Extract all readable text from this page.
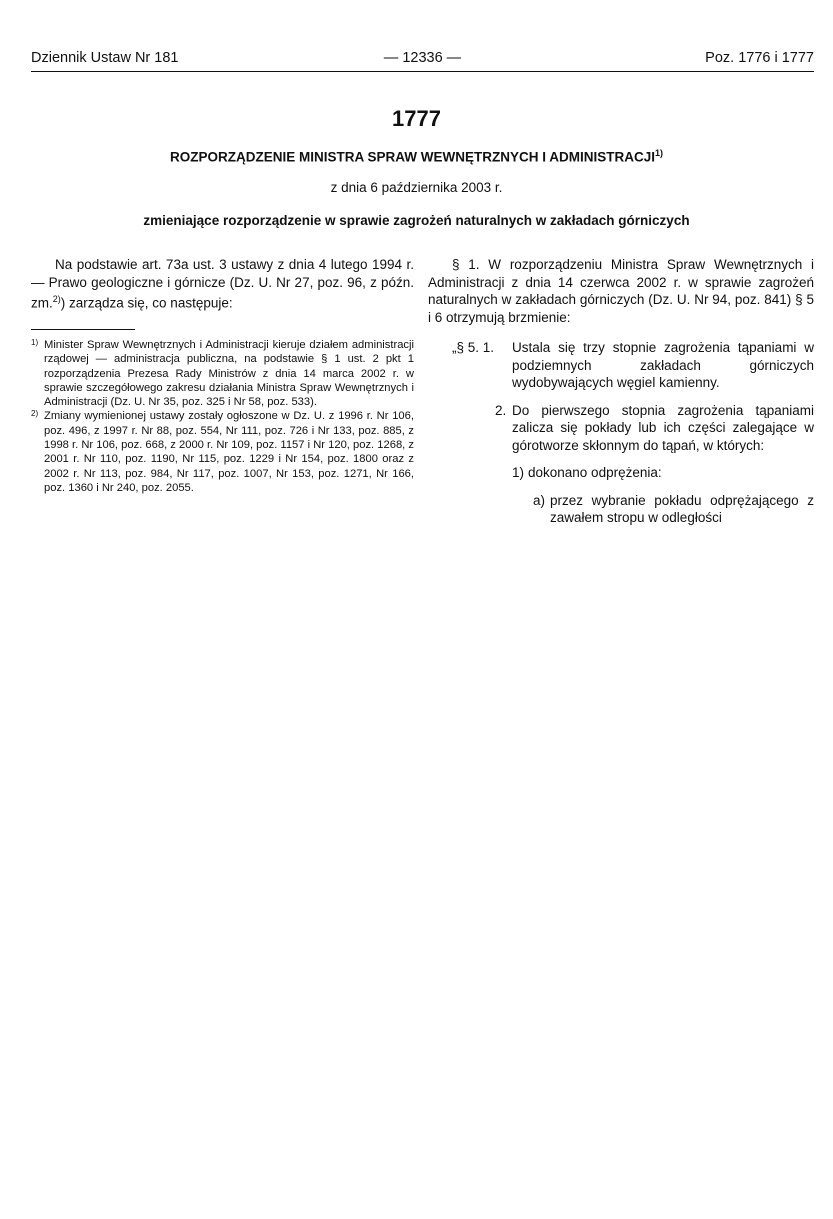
Dziennik Ustaw Nr 181	— 12336 —	Poz. 1776 i 1777
1777
ROZPORZĄDZENIE MINISTRA SPRAW WEWNĘTRZNYCH I ADMINISTRACJI$^{1)}$
z dnia 6 października 2003 r.
zmieniające rozporządzenie w sprawie zagrożeń naturalnych w zakładach górniczych

Na podstawie art. 73a ust. 3 ustawy z dnia 4 lutego 1994 r. — Prawo geologiczne i górnicze (Dz. U. Nr 27, poz. 96, z późn. zm.$^{2)}$) zarządza się, co następuje:

1) Minister Spraw Wewnętrznych i Administracji kieruje działem administracji rządowej — administracja publiczna, na podstawie § 1 ust. 2 pkt 1 rozporządzenia Prezesa Rady Ministrów z dnia 14 marca 2002 r. w sprawie szczegółowego zakresu działania Ministra Spraw Wewnętrznych i Administracji (Dz. U. Nr 35, poz. 325 i Nr 58, poz. 533).

2) Zmiany wymienionej ustawy zostały ogłoszone w Dz. U. z 1996 r. Nr 106, poz. 496, z 1997 r. Nr 88, poz. 554, Nr 111, poz. 726 i Nr 133, poz. 885, z 1998 r. Nr 106, poz. 668, z 2000 r. Nr 109, poz. 1157 i Nr 120, poz. 1268, z 2001 r. Nr 110, poz. 1190, Nr 115, poz. 1229 i Nr 154, poz. 1800 oraz z 2002 r. Nr 113, poz. 984, Nr 117, poz. 1007, Nr 153, poz. 1271, Nr 166, poz. 1360 i Nr 240, poz. 2055.

§ 1. W rozporządzeniu Ministra Spraw Wewnętrznych i Administracji z dnia 14 czerwca 2002 r. w sprawie zagrożeń naturalnych w zakładach górniczych (Dz. U. Nr 94, poz. 841) § 5 i 6 otrzymują brzmienie:

„§ 5. 1. Ustala się trzy stopnie zagrożenia tąpaniami w podziemnych zakładach górniczych wydobywających węgiel kamienny.
2. Do pierwszego stopnia zagrożenia tąpaniami zalicza się pokłady lub ich części zalegające w górotworze skłonnym do tąpań, w których:
1) dokonano odprężenia:
a) przez wybranie pokładu odprężającego z zawałem stropu w odległości
